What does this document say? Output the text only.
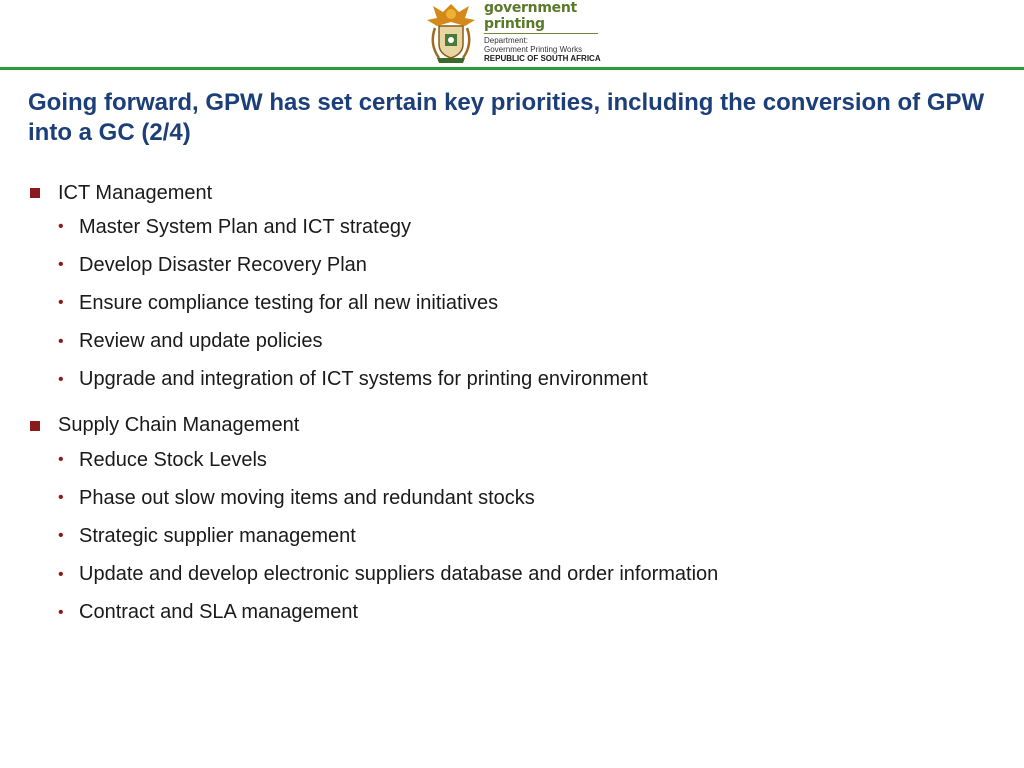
government
printing
Department:
Government Printing Works
REPUBLIC OF SOUTH AFRICA
Going forward, GPW has set certain key priorities, including the conversion of GPW into a GC (2/4)
ICT Management
• Master System Plan and ICT strategy
• Develop Disaster Recovery Plan
• Ensure compliance testing for all new initiatives
• Review and update policies
• Upgrade and integration of ICT systems for printing environment
Supply Chain Management
• Reduce Stock Levels
• Phase out slow moving items and redundant stocks
• Strategic supplier management
• Update and develop electronic suppliers database and order information
• Contract and SLA management
